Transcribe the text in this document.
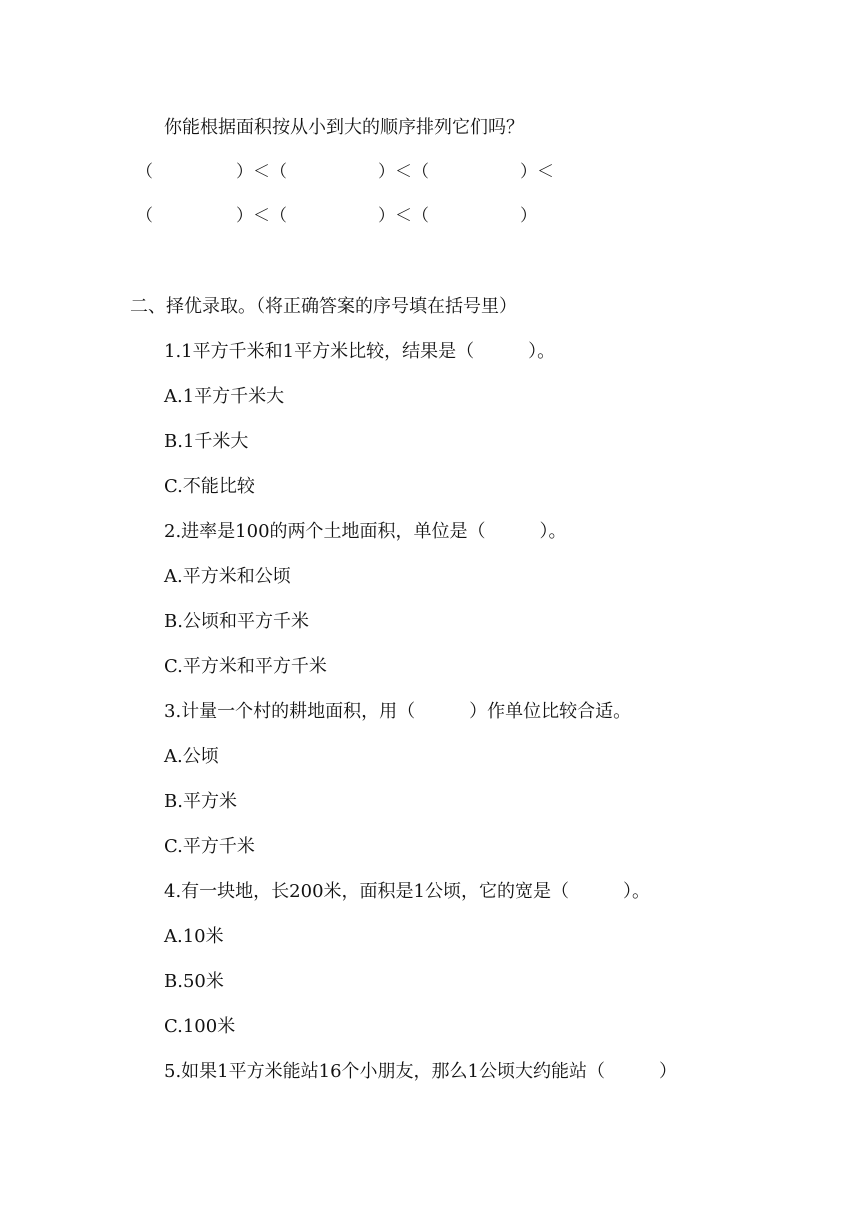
你能根据面积按从小到大的顺序排列它们吗？
（	）＜（	）＜（	）＜
（	）＜（	）＜（	）
二、择优录取。（将正确答案的序号填在括号里）
1.1平方千米和1平方米比较，结果是（　　　）。
A.1平方千米大
B.1千米大
C.不能比较
2.进率是100的两个土地面积，单位是（　　　）。
A.平方米和公顷
B.公顷和平方千米
C.平方米和平方千米
3.计量一个村的耕地面积，用（　　　）作单位比较合适。
A.公顷
B.平方米
C.平方千米
4.有一块地，长200米，面积是1公顷，它的宽是（　　　）。
A.10米
B.50米
C.100米
5.如果1平方米能站16个小朋友，那么1公顷大约能站（　　　）
